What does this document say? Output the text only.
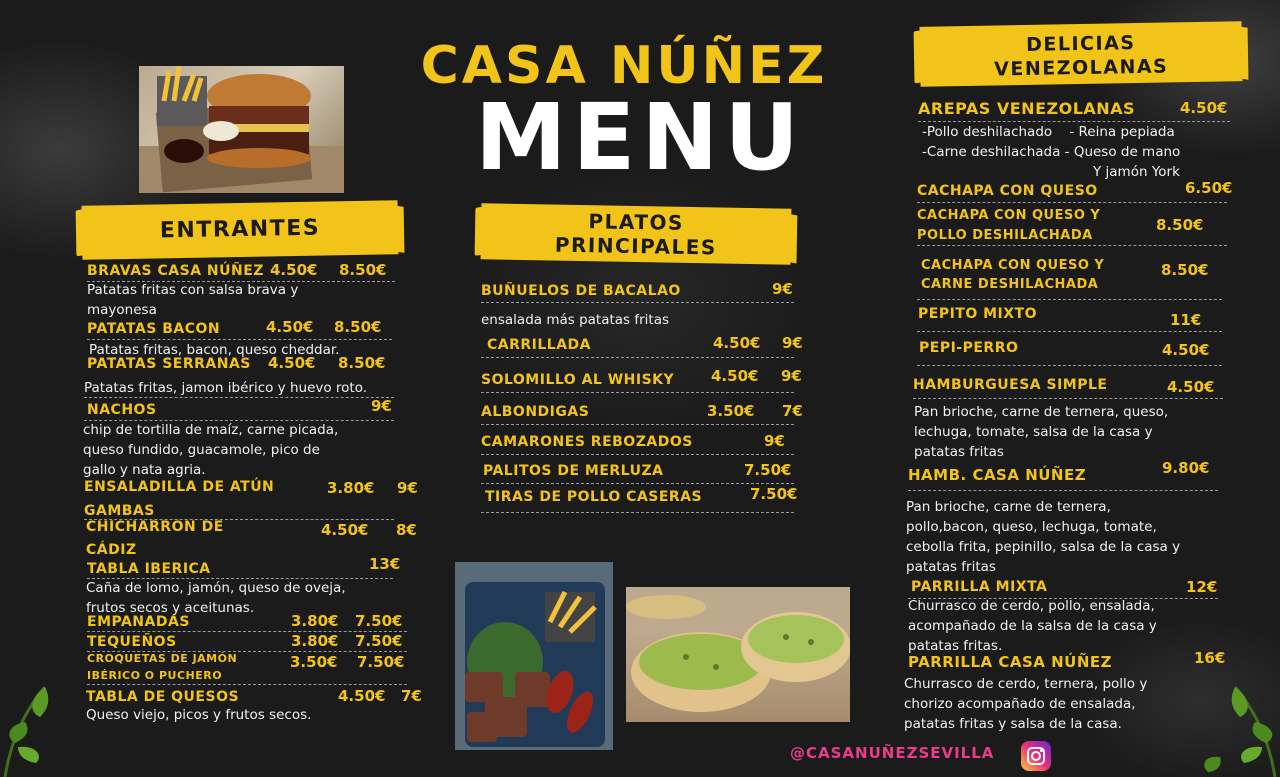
CASA NÚÑEZ
MENU
ENTRANTES	PLATOS
PRINCIPALES
DELICIAS
VENEZOLANAS
BRAVAS CASA NÚÑEZ 4.50€ 8.50€
Patatas fritas con salsa brava y
mayonesa
PATATAS BACON	4.50€ 8.50€
Patatas fritas, bacon, queso cheddar.
PATATAS SERRANAS 4.50€ 8.50€
Patatas fritas, jamon ibérico y huevo roto.
NACHOS	9€
chip de tortilla de maíz, carne picada,
queso fundido, guacamole, pico de
gallo y nata agria.
ENSALADILLA DE ATÚN	3.80€ 9€
GAMBAS
CHICHARRON DE
CÁDIZ
4.50€ 8€
TABLA IBERICA	13€
Caña de lomo, jamón, queso de oveja,
frutos secos y aceitunas.
EMPANADAS	3.80€ 7.50€
TEQUEÑOS	3.80€ 7.50€
CROQUETAS DE JAMÓN
IBÉRICO O PUCHERO
3.50€ 7.50€
TABLA DE QUESOS	4.50€ 7€
Queso viejo, picos y frutos secos.
BUÑUELOS DE BACALAO	9€
ensalada más patatas fritas
CARRILLADA	4.50€ 9€
SOLOMILLO AL WHISKY 4.50€ 9€
ALBONDIGAS	3.50€ 7€
CAMARONES REBOZADOS	9€
PALITOS DE MERLUZA	7.50€
TIRAS DE POLLO CASERAS	7.50€
AREPAS VENEZOLANAS	4.50€
-Pollo deshilachado    - Reina pepiada
-Carne deshilachada - Queso de mano
Y jamón York
CACHAPA CON QUESO	6.50€
CACHAPA CON QUESO Y
POLLO DESHILACHADA
8.50€
CACHAPA CON QUESO Y
CARNE DESHILACHADA
8.50€
PEPITO MIXTO	11€
PEPI-PERRO	4.50€
HAMBURGUESA SIMPLE	4.50€
Pan brioche, carne de ternera, queso,
lechuga, tomate, salsa de la casa y
patatas fritas
HAMB. CASA NÚÑEZ	9.80€
Pan brioche, carne de ternera,
pollo,bacon, queso, lechuga, tomate,
cebolla frita, pepinillo, salsa de la casa y
patatas fritas
PARRILLA MIXTA	12€
Churrasco de cerdo, pollo, ensalada,
acompañado de la salsa de la casa y
patatas fritas.
PARRILLA CASA NÚÑEZ	16€
Churrasco de cerdo, ternera, pollo y
chorizo acompañado de ensalada,
patatas fritas y salsa de la casa.
@CASANUÑEZSEVILLA
